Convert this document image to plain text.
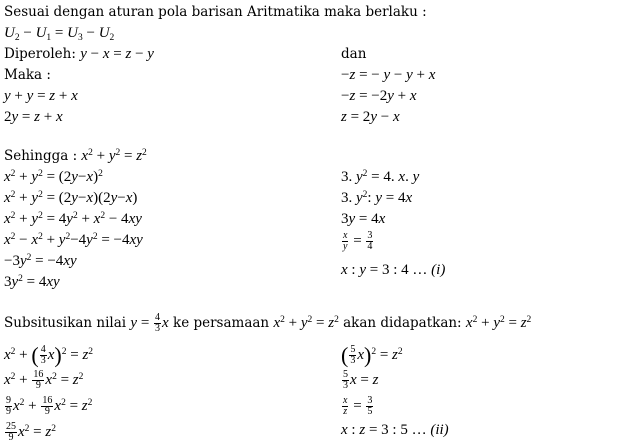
Sesuai dengan aturan pola barisan Aritmatika maka berlaku :
$U_2 - U_1 = U_3 - U_2$
Diperoleh: y − x = z − y	dan
Maka :	−z = − y − y + x
y + y = z + x	−z = −2y + x
2y = z + x	z = 2y − x
Sehingga : $x^2 + y^2 = z^2$
$x^2 + y^2 = (2y-x)^2$	3. $y^2 = 4$. x. y
$x^2 + y^2 = (2y-x)(2y-x)$	3. $y^2$: y = 4x
$x^2 + y^2 = 4y^2 + x^2 - 4xy$	3y = 4x
$x^2 - x^2 + y^2-4y^2 = -4xy$	$\frac{x}{y} = \frac{3}{4}$
$-3y^2 = -4xy$
$3y^2 = 4xy$
x : y = 3 : 4 … (i)
Subsitusikan nilai $y = \frac{4}{3}$ x ke persamaan $x^2 + y^2 = z^2$ akan didapatkan: $x^2 + y^2 = z^2$
$x^2$ + ( $\frac{4}{3} x)^2 = z^2$	( $\frac{5}{3} x)^2 = z^2$
$x^2 + \frac{16}{9} x^2 = z^2$	$\frac{5}{3}$ x = z
$\frac{9}{9} x^2 + \frac{16}{9} x^2 = z^2$	$\frac{x}{z} = \frac{3}{5}$
$\frac{25}{9} x^2 = z^2$	x : z = 3 : 5 … (ii)
